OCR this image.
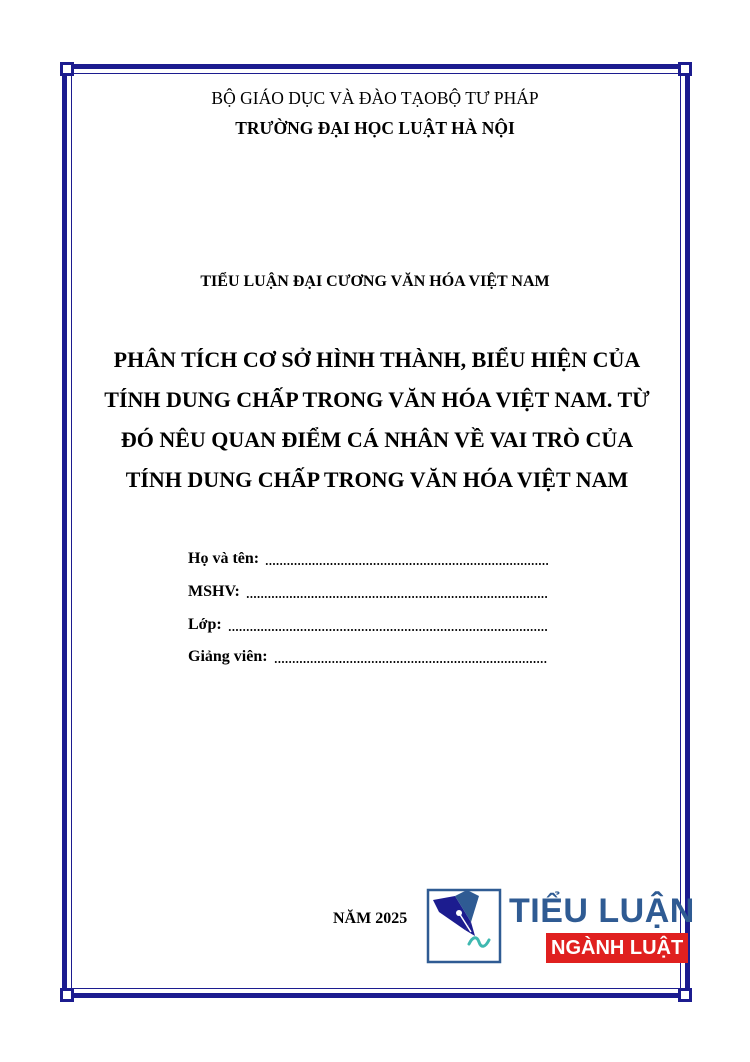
BỘ GIÁO DỤC VÀ ĐÀO TẠOBỘ TƯ PHÁP
TRƯỜNG ĐẠI HỌC LUẬT HÀ NỘI
TIỂU LUẬN ĐẠI CƯƠNG VĂN HÓA VIỆT NAM
PHÂN TÍCH CƠ SỞ HÌNH THÀNH, BIỂU HIỆN CỦA
TÍNH DUNG CHẤP TRONG VĂN HÓA VIỆT NAM. TỪ
ĐÓ NÊU QUAN ĐIỂM CÁ NHÂN VỀ VAI TRÒ CỦA
TÍNH DUNG CHẤP TRONG VĂN HÓA VIỆT NAM
Họ và tên:
MSHV:
Lớp:
Giảng viên:
NĂM 2025	TIỂU LUẬN
NGÀNH LUẬT
